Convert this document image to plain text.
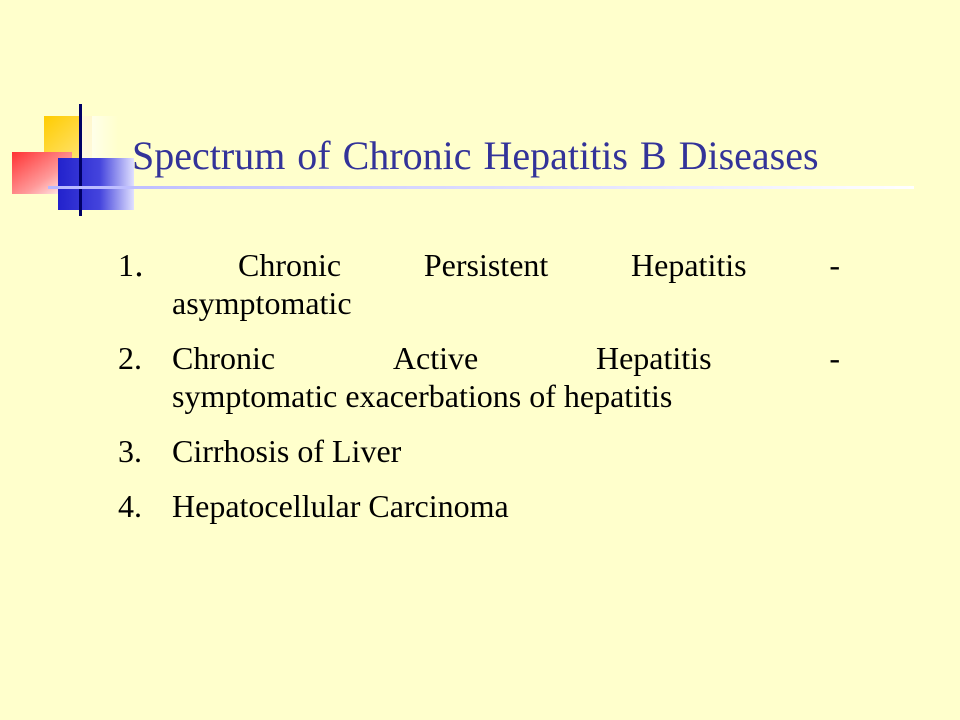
Spectrum of Chronic Hepatitis B Diseases
1． Chronic	Persistent	Hepatitis	-
asymptomatic
2. Chronic	Active	Hepatitis	-
symptomatic exacerbations of hepatitis
3. Cirrhosis of Liver
4. Hepatocellular Carcinoma
